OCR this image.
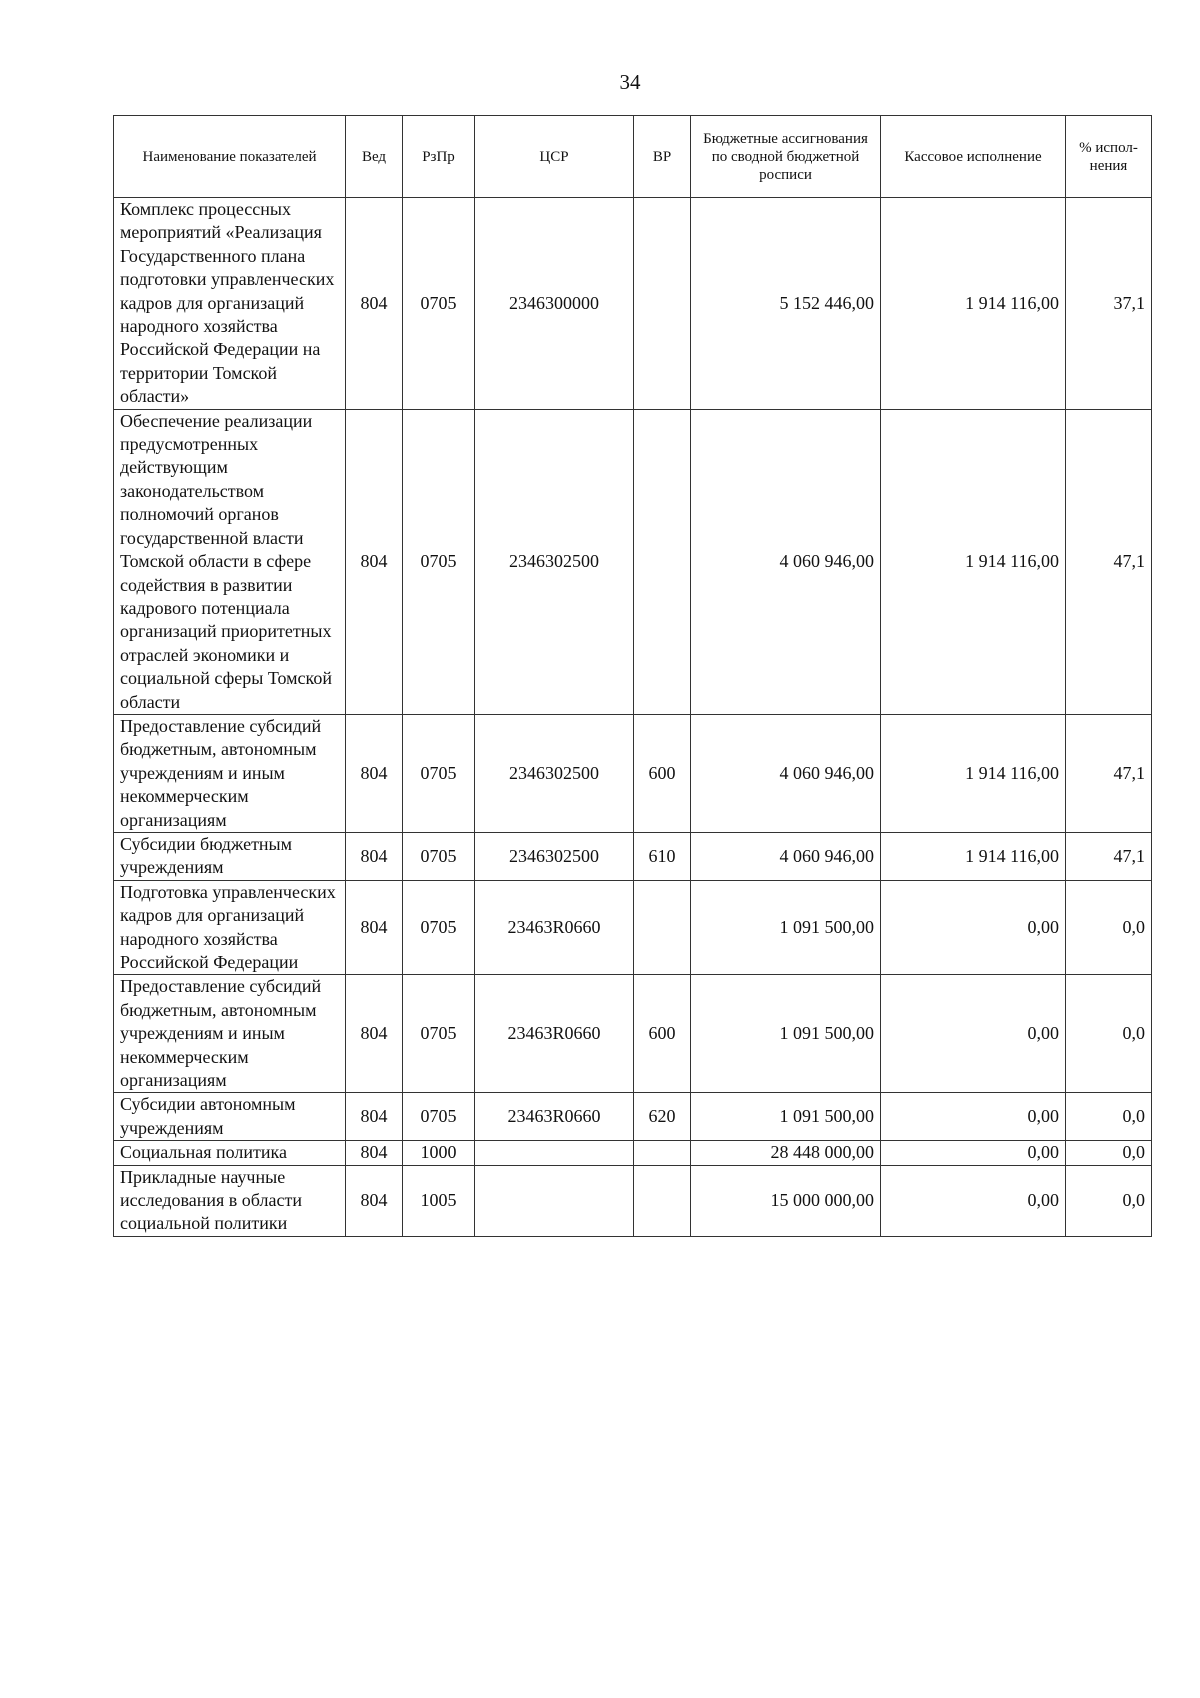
34
Наименование показателей	Вед	РзПр	ЦСР	ВР	Бюджетные ассигнования по сводной бюджетной росписи	Кассовое исполнение	% испол-нения
Комплекс процессных мероприятий «Реализация Государственного плана подготовки управленческих кадров для организаций народного хозяйства Российской Федерации на территории Томской области»	804	0705	2346300000		5 152 446,00	1 914 116,00	37,1
Обеспечение реализации предусмотренных действующим законодательством полномочий органов государственной власти Томской области в сфере содействия в развитии кадрового потенциала организаций приоритетных отраслей экономики и социальной сферы Томской области	804	0705	2346302500		4 060 946,00	1 914 116,00	47,1
Предоставление субсидий бюджетным, автономным учреждениям и иным некоммерческим организациям	804	0705	2346302500	600	4 060 946,00	1 914 116,00	47,1
Субсидии бюджетным учреждениям	804	0705	2346302500	610	4 060 946,00	1 914 116,00	47,1
Подготовка управленческих кадров для организаций народного хозяйства Российской Федерации	804	0705	23463R0660		1 091 500,00	0,00	0,0
Предоставление субсидий бюджетным, автономным учреждениям и иным некоммерческим организациям	804	0705	23463R0660	600	1 091 500,00	0,00	0,0
Субсидии автономным учреждениям	804	0705	23463R0660	620	1 091 500,00	0,00	0,0
Социальная политика	804	1000			28 448 000,00	0,00	0,0
Прикладные научные исследования в области социальной политики	804	1005			15 000 000,00	0,00	0,0
